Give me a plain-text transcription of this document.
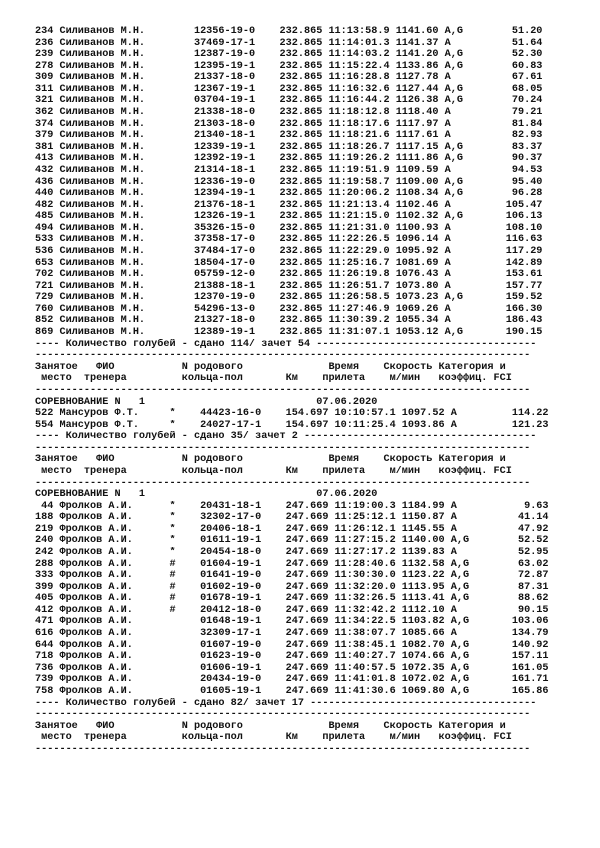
234 Силиванов М.Н.        12356-19-0    232.865 11:13:58.9 1141.60 A,G        51.20
236 Силиванов М.Н.        37469-17-1    232.865 11:14:01.3 1141.37 A          51.64
239 Силиванов М.Н.        12387-19-0    232.865 11:14:03.2 1141.20 A,G        52.30
278 Силиванов М.Н.        12395-19-1    232.865 11:15:22.4 1133.86 A,G        60.83
309 Силиванов М.Н.        21337-18-0    232.865 11:16:28.8 1127.78 A          67.61
311 Силиванов М.Н.        12367-19-1    232.865 11:16:32.6 1127.44 A,G        68.05
321 Силиванов М.Н.        03704-19-1    232.865 11:16:44.2 1126.38 A,G        70.24
362 Силиванов М.Н.        21338-18-0    232.865 11:18:12.8 1118.40 A          79.21
374 Силиванов М.Н.        21303-18-0    232.865 11:18:17.6 1117.97 A          81.84
379 Силиванов М.Н.        21340-18-1    232.865 11:18:21.6 1117.61 A          82.93
381 Силиванов М.Н.        12339-19-1    232.865 11:18:26.7 1117.15 A,G        83.37
413 Силиванов М.Н.        12392-19-1    232.865 11:19:26.2 1111.86 A,G        90.37
432 Силиванов М.Н.        21314-18-1    232.865 11:19:51.9 1109.59 A          94.53
436 Силиванов М.Н.        12336-19-0    232.865 11:19:58.7 1109.00 A,G        95.40
440 Силиванов М.Н.        12394-19-1    232.865 11:20:06.2 1108.34 A,G        96.28
482 Силиванов М.Н.        21376-18-1    232.865 11:21:13.4 1102.46 A         105.47
485 Силиванов М.Н.        12326-19-1    232.865 11:21:15.0 1102.32 A,G       106.13
494 Силиванов М.Н.        35326-15-0    232.865 11:21:31.0 1100.93 A         108.10
533 Силиванов М.Н.        37358-17-0    232.865 11:22:26.5 1096.14 A         116.63
536 Силиванов М.Н.        37484-17-0    232.865 11:22:29.0 1095.92 A         117.29
653 Силиванов М.Н.        18504-17-0    232.865 11:25:16.7 1081.69 A         142.89
702 Силиванов М.Н.        05759-12-0    232.865 11:26:19.8 1076.43 A         153.61
721 Силиванов М.Н.        21388-18-1    232.865 11:26:51.7 1073.80 A         157.77
729 Силиванов М.Н.        12370-19-0    232.865 11:26:58.5 1073.23 A,G       159.52
760 Силиванов М.Н.        54296-13-0    232.865 11:27:46.9 1069.26 A         166.30
852 Силиванов М.Н.        21327-18-0    232.865 11:30:39.2 1055.34 A         186.43
869 Силиванов М.Н.        12389-19-1    232.865 11:31:07.1 1053.12 A,G       190.15
---- Количество голубей - сдано 114/ зачет 54 ------------------------------------
---------------------------------------------------------------------------------
Занятое   ФИО           N родового              Время    Скорость Категория и
место  тренера         кольца-пол       Км    прилета    м/мин   коэффиц. FCI
---------------------------------------------------------------------------------
СОРЕВНОВАНИЕ N   1                            07.06.2020
522 Мансуров Ф.Т.     *    44423-16-0    154.697 10:10:57.1 1097.52 A         114.22
554 Мансуров Ф.Т.     *    24027-17-1    154.697 10:11:25.4 1093.86 A         121.23
---- Количество голубей - сдано 35/ зачет 2 --------------------------------------
---------------------------------------------------------------------------------
Занятое   ФИО           N родового              Время    Скорость Категория и
место  тренера         кольца-пол       Км    прилета    м/мин   коэффиц. FCI
---------------------------------------------------------------------------------
СОРЕВНОВАНИЕ N   1                            07.06.2020
44 Фролков А.И.      *    20431-18-1    247.669 11:19:00.3 1184.99 A           9.63
188 Фролков А.И.      *    32302-17-0    247.669 11:25:12.1 1150.87 A          41.14
219 Фролков А.И.      *    20406-18-1    247.669 11:26:12.1 1145.55 A          47.92
240 Фролков А.И.      *    01611-19-1    247.669 11:27:15.2 1140.00 A,G        52.52
242 Фролков А.И.      *    20454-18-0    247.669 11:27:17.2 1139.83 A          52.95
288 Фролков А.И.      #    01604-19-1    247.669 11:28:40.6 1132.58 A,G        63.02
333 Фролков А.И.      #    01641-19-0    247.669 11:30:30.0 1123.22 A,G        72.87
399 Фролков А.И.      #    01602-19-0    247.669 11:32:20.0 1113.95 A,G        87.31
405 Фролков А.И.      #    01678-19-1    247.669 11:32:26.5 1113.41 A,G        88.62
412 Фролков А.И.      #    20412-18-0    247.669 11:32:42.2 1112.10 A          90.15
471 Фролков А.И.           01648-19-1    247.669 11:34:22.5 1103.82 A,G       103.06
616 Фролков А.И.           32309-17-1    247.669 11:38:07.7 1085.66 A         134.79
644 Фролков А.И.           01607-19-0    247.669 11:38:45.1 1082.70 A,G       140.92
718 Фролков А.И.           01623-19-0    247.669 11:40:27.7 1074.66 A,G       157.11
736 Фролков А.И.           01606-19-1    247.669 11:40:57.5 1072.35 A,G       161.05
739 Фролков А.И.           20434-19-0    247.669 11:41:01.8 1072.02 A,G       161.71
758 Фролков А.И.           01605-19-1    247.669 11:41:30.6 1069.80 A,G       165.86
---- Количество голубей - сдано 82/ зачет 17 -------------------------------------
---------------------------------------------------------------------------------
Занятое   ФИО           N родового              Время    Скорость Категория и
место  тренера         кольца-пол       Км    прилета    м/мин   коэффиц. FCI
---------------------------------------------------------------------------------
